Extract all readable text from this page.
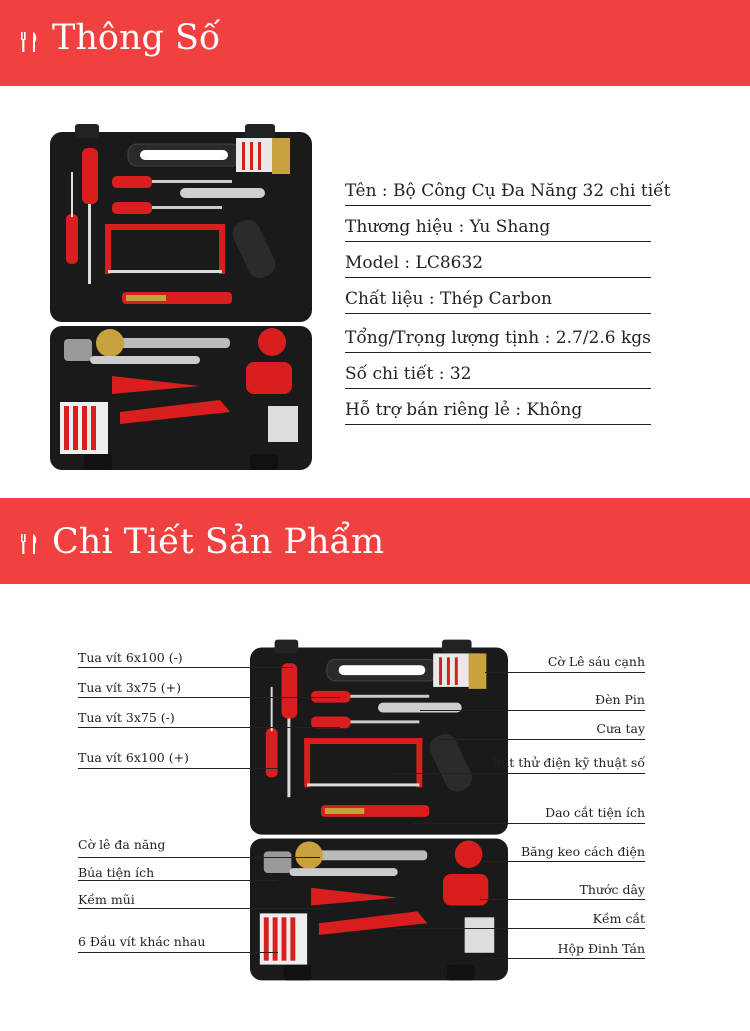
Thông Số
Tên : Bộ Công Cụ Đa Năng 32 chi tiết
Thương hiệu : Yu Shang
Model : LC8632
Chất liệu : Thép Carbon
Tổng/Trọng lượng tịnh : 2.7/2.6 kgs
Số chi tiết : 32
Hỗ trợ bán riêng lẻ : Không
Chi Tiết Sản Phẩm
Tua vít 6x100 (-)
Tua vít 3x75 (+)
Tua vít 3x75 (-)
Tua vít 6x100 (+)
Cờ lê đa năng
Búa tiện ích
Kềm mũi
6 Đầu vít khác nhau
Cờ Lê sáu cạnh
Đèn Pin
Cưa tay
Bút thử điện kỹ thuật số
Dao cắt tiện ích
Băng keo cách điện
Thước dây
Kềm cắt
Hộp Đinh Tán
